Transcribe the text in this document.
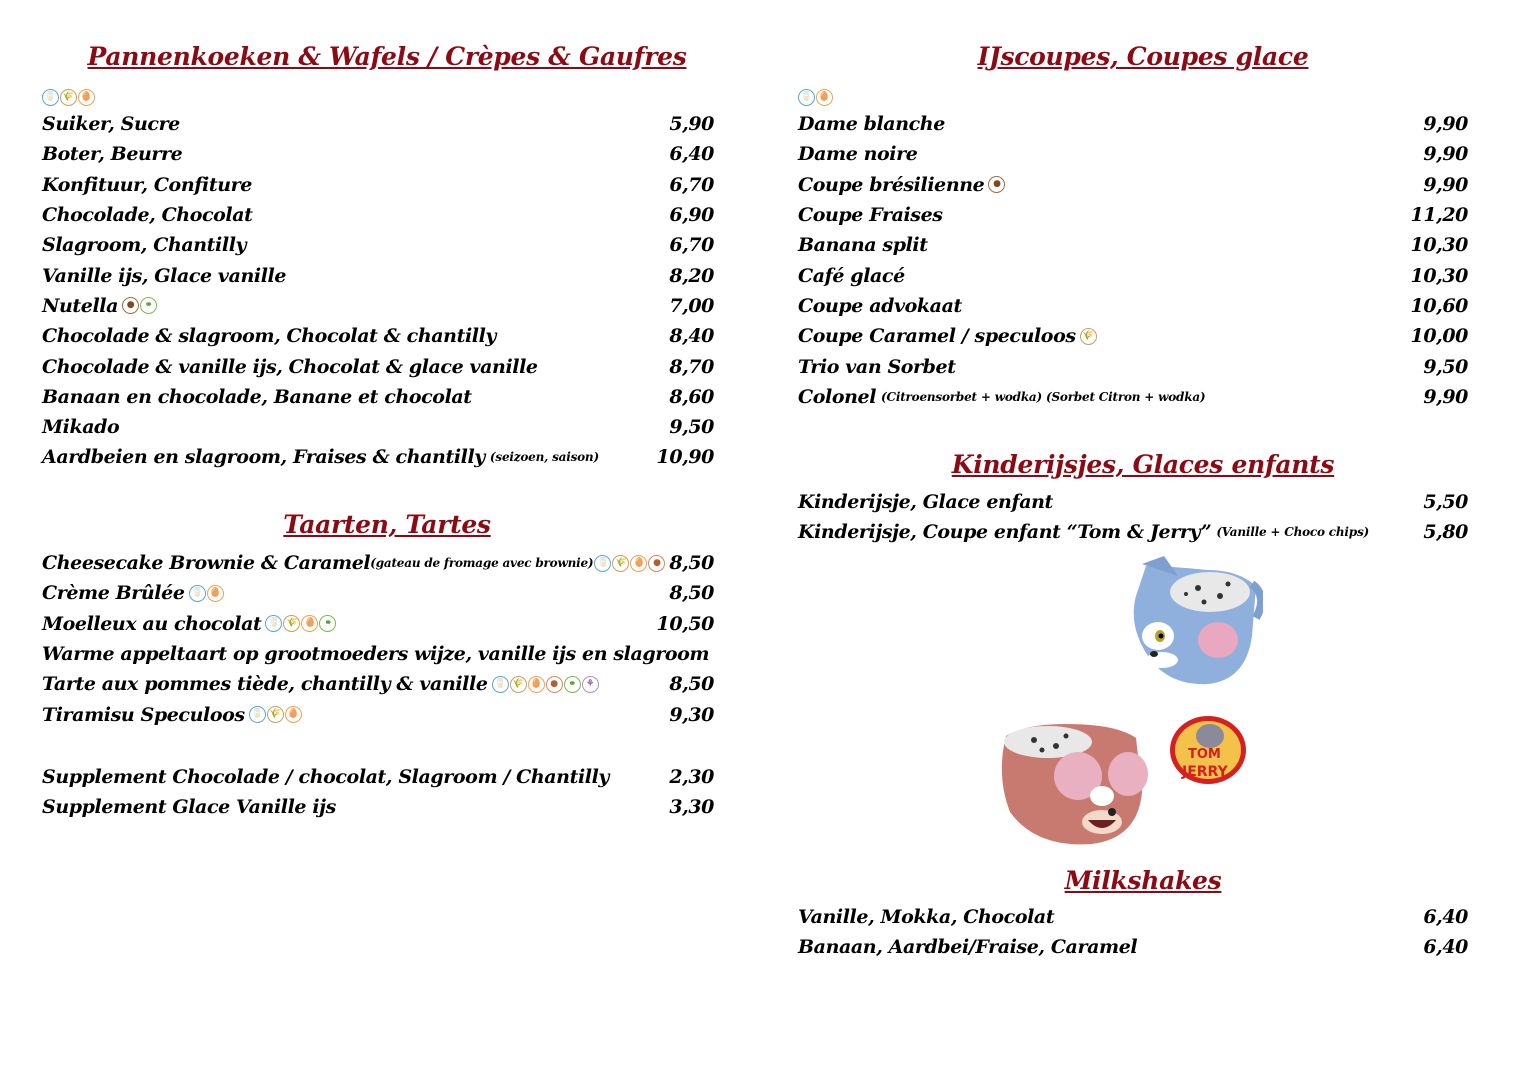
Pannenkoeken & Wafels / Crèpes & Gaufres
🥛 🌾 🥚
Suiker, Sucre	5,90
Boter, Beurre	6,40
Konfituur, Confiture	6,70
Chocolade, Chocolat	6,90
Slagroom, Chantilly	6,70
Vanille ijs, Glace vanille	8,20
Nutella ●	⚭	7,00
Chocolade & slagroom, Chocolat & chantilly	8,40
Chocolade & vanille ijs, Chocolat & glace vanille	8,70
Banaan en chocolade, Banane et chocolat	8,60
Mikado	9,50
Aardbeien en slagroom, Fraises & chantilly (seizoen, saison)	10,90
Taarten, Tartes
Cheesecake Brownie & Caramel (gateau de fromage avec brownie) 🥛 🌾 🥚 ● 8,50
Crème Brûlée 🥛 🥚	8,50
Moelleux au chocolat 🥛 🌾 🥚	⚭	10,50
Warme appeltaart op grootmoeders wijze, vanille ijs en slagroom
Tarte aux pommes tiède, chantilly & vanille 🥛 🌾 🥚 ●	⚭	⚘	8,50
Tiramisu Speculoos 🥛 🌾 🥚	9,30
Supplement Chocolade / chocolat, Slagroom / Chantilly	2,30
Supplement Glace Vanille ijs	3,30
IJscoupes, Coupes glace
🥛 🥚
Dame blanche	9,90
Dame noire	9,90
Coupe brésilienne ●	9,90
Coupe Fraises	11,20
Banana split	10,30
Café glacé	10,30
Coupe advokaat	10,60
Coupe Caramel / speculoos 🌾	10,00
Trio van Sorbet	9,50
Colonel (Citroensorbet + wodka) (Sorbet Citron + wodka)	9,90
Kinderijsjes, Glaces enfants
Kinderijsje, Glace enfant	5,50
Kinderijsje, Coupe enfant “Tom & Jerry” (Vanille + Choco chips)	5,80
TOM
JERRY
Milkshakes
Vanille, Mokka, Chocolat	6,40
Banaan, Aardbei/Fraise, Caramel	6,40
